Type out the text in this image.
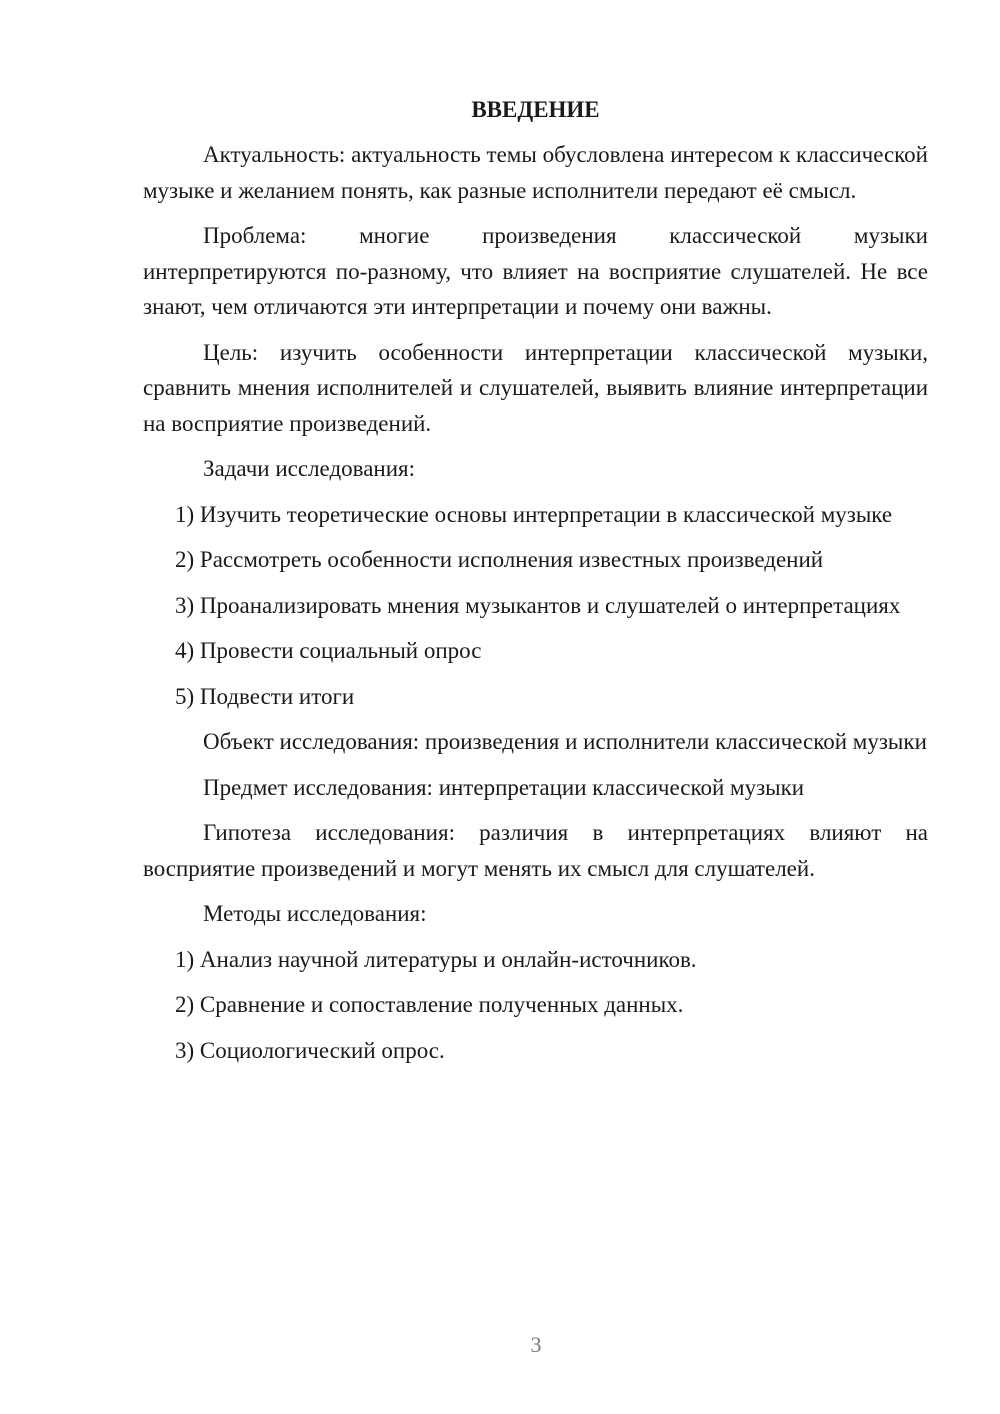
ВВЕДЕНИЕ

Актуальность: актуальность темы обусловлена интересом к классической музыке и желанием понять, как разные исполнители передают её смысл.

Проблема: многие произведения классической музыки интерпретируются по-разному, что влияет на восприятие слушателей. Не все знают, чем отличаются эти интерпретации и почему они важны.

Цель: изучить особенности интерпретации классической музыки, сравнить мнения исполнителей и слушателей, выявить влияние интерпретации на восприятие произведений.

Задачи исследования:

1) Изучить теоретические основы интерпретации в классической музыке

2) Рассмотреть особенности исполнения известных произведений

3) Проанализировать мнения музыкантов и слушателей о интерпретациях

4) Провести социальный опрос

5) Подвести итоги

Объект исследования: произведения и исполнители классической музыки

Предмет исследования: интерпретации классической музыки

Гипотеза исследования: различия в интерпретациях влияют на восприятие произведений и могут менять их смысл для слушателей.

Методы исследования:

1) Анализ научной литературы и онлайн-источников.

2) Сравнение и сопоставление полученных данных.

3) Социологический опрос.

3
